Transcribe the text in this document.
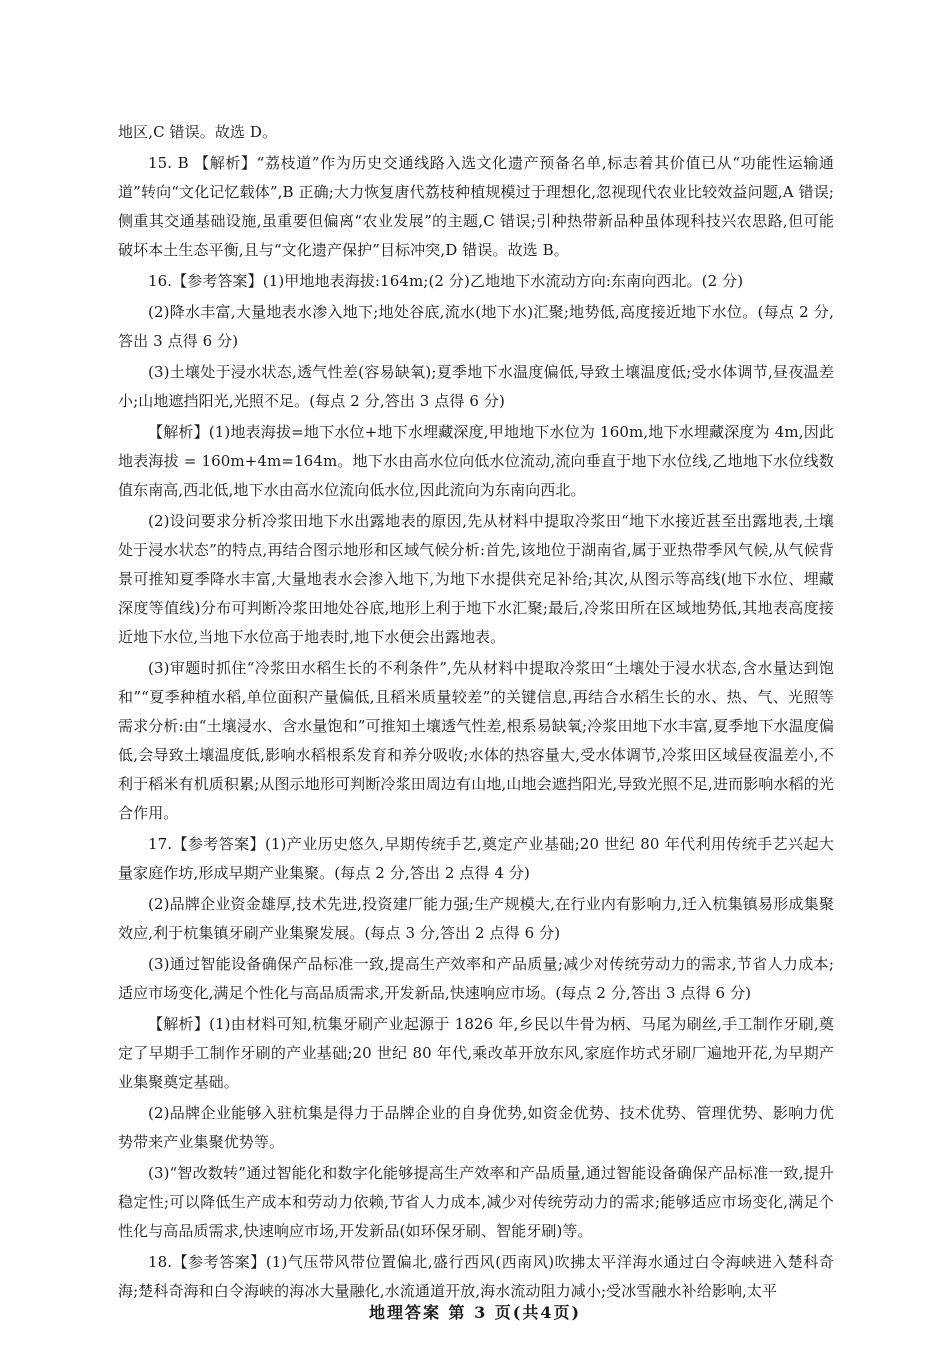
地区,C 错误。故选 D。

15. B 【解析】“荔枝道”作为历史交通线路入选文化遗产预备名单,标志着其价值已从“功能性运输通道”转向“文化记忆载体”,B 正确;大力恢复唐代荔枝种植规模过于理想化,忽视现代农业比较效益问题,A 错误;侧重其交通基础设施,虽重要但偏离“农业发展”的主题,C 错误;引种热带新品种虽体现科技兴农思路,但可能破坏本土生态平衡,且与“文化遗产保护”目标冲突,D 错误。故选 B。

16.【参考答案】(1)甲地地表海拔:164m;(2 分)乙地地下水流动方向:东南向西北。(2 分)

(2)降水丰富,大量地表水渗入地下;地处谷底,流水(地下水)汇聚;地势低,高度接近地下水位。(每点 2 分,答出 3 点得 6 分)

(3)土壤处于浸水状态,透气性差(容易缺氧);夏季地下水温度偏低,导致土壤温度低;受水体调节,昼夜温差小;山地遮挡阳光,光照不足。(每点 2 分,答出 3 点得 6 分)

【解析】(1)地表海拔=地下水位+地下水埋藏深度,甲地地下水位为 160m,地下水埋藏深度为 4m,因此地表海拔 = 160m+4m=164m。地下水由高水位向低水位流动,流向垂直于地下水位线,乙地地下水位线数值东南高,西北低,地下水由高水位流向低水位,因此流向为东南向西北。

(2)设问要求分析冷浆田地下水出露地表的原因,先从材料中提取冷浆田“地下水接近甚至出露地表,土壤处于浸水状态”的特点,再结合图示地形和区域气候分析:首先,该地位于湖南省,属于亚热带季风气候,从气候背景可推知夏季降水丰富,大量地表水会渗入地下,为地下水提供充足补给;其次,从图示等高线(地下水位、埋藏深度等值线)分布可判断冷浆田地处谷底,地形上利于地下水汇聚;最后,冷浆田所在区域地势低,其地表高度接近地下水位,当地下水位高于地表时,地下水便会出露地表。

(3)审题时抓住“冷浆田水稻生长的不利条件”,先从材料中提取冷浆田“土壤处于浸水状态,含水量达到饱和”“夏季种植水稻,单位面积产量偏低,且稻米质量较差”的关键信息,再结合水稻生长的水、热、气、光照等需求分析:由“土壤浸水、含水量饱和”可推知土壤透气性差,根系易缺氧;冷浆田地下水丰富,夏季地下水温度偏低,会导致土壤温度低,影响水稻根系发育和养分吸收;水体的热容量大,受水体调节,冷浆田区域昼夜温差小,不利于稻米有机质积累;从图示地形可判断冷浆田周边有山地,山地会遮挡阳光,导致光照不足,进而影响水稻的光合作用。

17.【参考答案】(1)产业历史悠久,早期传统手艺,奠定产业基础;20 世纪 80 年代利用传统手艺兴起大量家庭作坊,形成早期产业集聚。(每点 2 分,答出 2 点得 4 分)

(2)品牌企业资金雄厚,技术先进,投资建厂能力强;生产规模大,在行业内有影响力,迁入杭集镇易形成集聚效应,利于杭集镇牙刷产业集聚发展。(每点 3 分,答出 2 点得 6 分)

(3)通过智能设备确保产品标准一致,提高生产效率和产品质量;减少对传统劳动力的需求,节省人力成本;适应市场变化,满足个性化与高品质需求,开发新品,快速响应市场。(每点 2 分,答出 3 点得 6 分)

【解析】(1)由材料可知,杭集牙刷产业起源于 1826 年,乡民以牛骨为柄、马尾为刷丝,手工制作牙刷,奠定了早期手工制作牙刷的产业基础;20 世纪 80 年代,乘改革开放东风,家庭作坊式牙刷厂遍地开花,为早期产业集聚奠定基础。

(2)品牌企业能够入驻杭集是得力于品牌企业的自身优势,如资金优势、技术优势、管理优势、影响力优势带来产业集聚优势等。

(3)“智改数转”通过智能化和数字化能够提高生产效率和产品质量,通过智能设备确保产品标准一致,提升稳定性;可以降低生产成本和劳动力依赖,节省人力成本,减少对传统劳动力的需求;能够适应市场变化,满足个性化与高品质需求,快速响应市场,开发新品(如环保牙刷、智能牙刷)等。

18.【参考答案】(1)气压带风带位置偏北,盛行西风(西南风)吹拂太平洋海水通过白令海峡进入楚科奇海;楚科奇海和白令海峡的海冰大量融化,水流通道开放,海水流动阻力减小;受冰雪融水补给影响,太平

地理答案 第 3 页(共4页)
